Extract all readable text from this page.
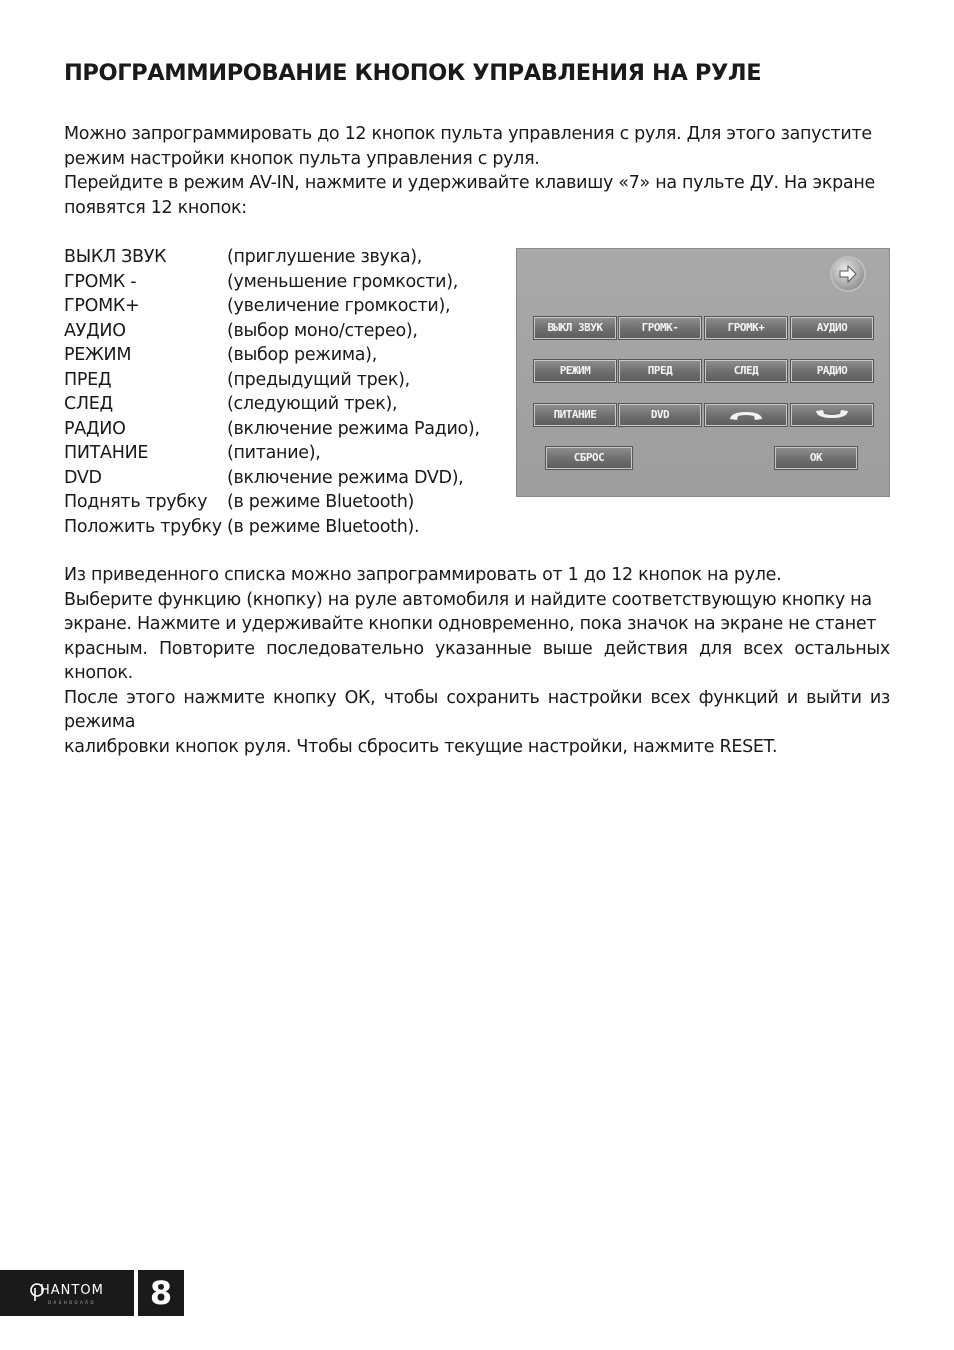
ПРОГРАММИРОВАНИЕ КНОПОК УПРАВЛЕНИЯ НА РУЛЕ

Можно запрограммировать до 12 кнопок пульта управления с руля. Для этого запустите
режим настройки кнопок пульта управления с руля.
Перейдите в режим AV-IN, нажмите и удерживайте клавишу «7» на пульте ДУ. На экране
появятся 12 кнопок:

ВЫКЛ ЗВУК	(приглушение звука),
ГРОМК -	(уменьшение громкости),
ГРОМК+	(увеличение громкости),
АУДИО	(выбор моно/стерео),
РЕЖИМ	(выбор режима),
ПРЕД	(предыдущий трек),
СЛЕД	(следующий трек),
РАДИО	(включение режима Радио),
ПИТАНИЕ	(питание),
DVD	(включение режима DVD),
Поднять трубку (в режиме Bluetooth)
Положить трубку (в режиме Bluetooth).
ВЫКЛ ЗВУК	ГРОМК-	ГРОМК+	АУДИО
РЕЖИМ	ПРЕД	СЛЕД	РАДИО
ПИТАНИЕ	DVD
СБРОС	ОК

Из приведенного списка можно запрограммировать от 1 до 12 кнопок на руле.
Выберите функцию (кнопку) на руле автомобиля и найдите соответствующую кнопку на
экране. Нажмите и удерживайте кнопки одновременно, пока значок на экране не станет
красным. Повторите последовательно указанные выше действия для всех остальных кнопок.
После этого нажмите кнопку ОК, чтобы сохранить настройки всех функций и выйти из режима
калибровки кнопок руля. Чтобы сбросить текущие настройки, нажмите RESET.

HANTOM
DASHBOARD	8
